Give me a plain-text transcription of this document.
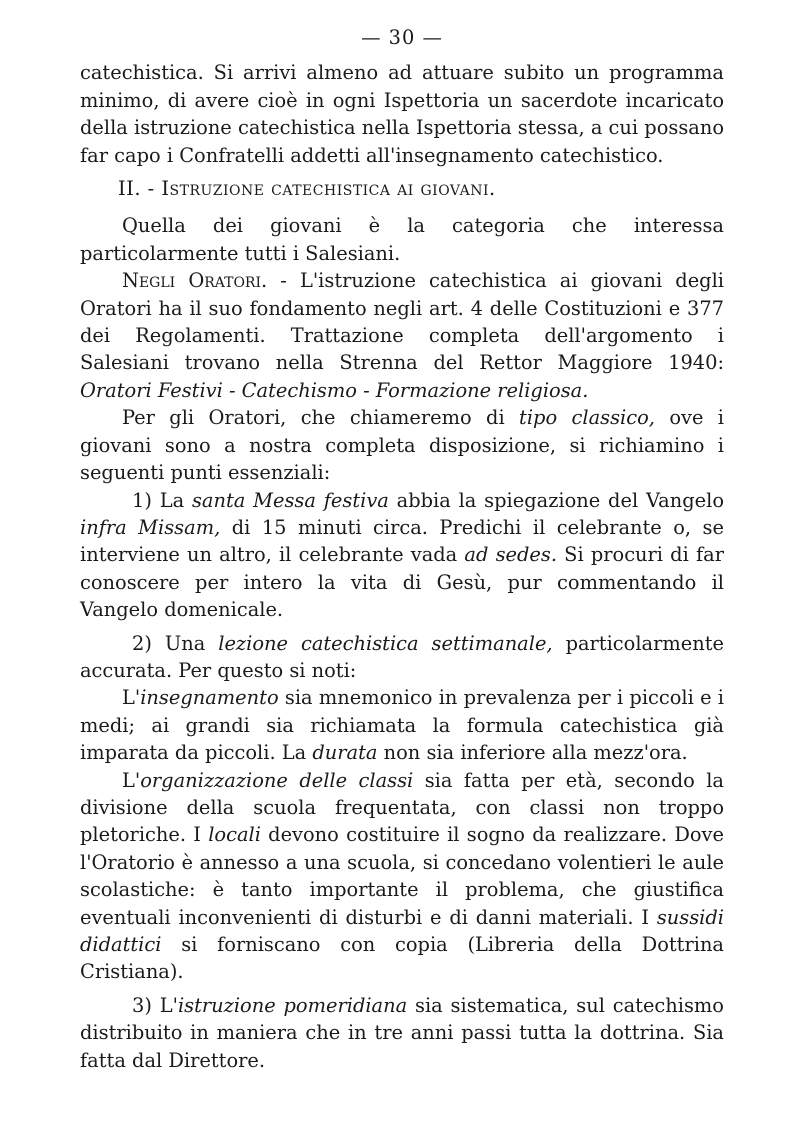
— 30 —

catechistica. Si arrivi almeno ad attuare subito un programma minimo, di avere cioè in ogni Ispettoria un sacerdote incaricato della istruzione catechistica nella Ispettoria stessa, a cui possano far capo i Confratelli addetti all'insegnamento catechistico.

II. - Istruzione catechistica ai giovani.

Quella dei giovani è la categoria che interessa particolarmente tutti i Salesiani.

Negli Oratori. - L'istruzione catechistica ai giovani degli Oratori ha il suo fondamento negli art. 4 delle Costituzioni e 377 dei Regolamenti. Trattazione completa dell'argomento i Salesiani trovano nella Strenna del Rettor Maggiore 1940: Oratori Festivi - Catechismo - Formazione religiosa.

Per gli Oratori, che chiameremo di tipo classico, ove i giovani sono a nostra completa disposizione, si richiamino i seguenti punti essenziali:

1) La santa Messa festiva abbia la spiegazione del Vangelo infra Missam, di 15 minuti circa. Predichi il celebrante o, se interviene un altro, il celebrante vada ad sedes. Si procuri di far conoscere per intero la vita di Gesù, pur commentando il Vangelo domenicale.

2) Una lezione catechistica settimanale, particolarmente accurata. Per questo si noti:

L'insegnamento sia mnemonico in prevalenza per i piccoli e i medi; ai grandi sia richiamata la formula catechistica già imparata da piccoli. La durata non sia inferiore alla mezz'ora.

L'organizzazione delle classi sia fatta per età, secondo la divisione della scuola frequentata, con classi non troppo pletoriche. I locali devono costituire il sogno da realizzare. Dove l'Oratorio è annesso a una scuola, si concedano volentieri le aule scolastiche: è tanto importante il problema, che giustifica eventuali inconvenienti di disturbi e di danni materiali. I sussidi didattici si forniscano con copia (Libreria della Dottrina Cristiana).

3) L'istruzione pomeridiana sia sistematica, sul catechismo distribuito in maniera che in tre anni passi tutta la dottrina. Sia fatta dal Direttore.
